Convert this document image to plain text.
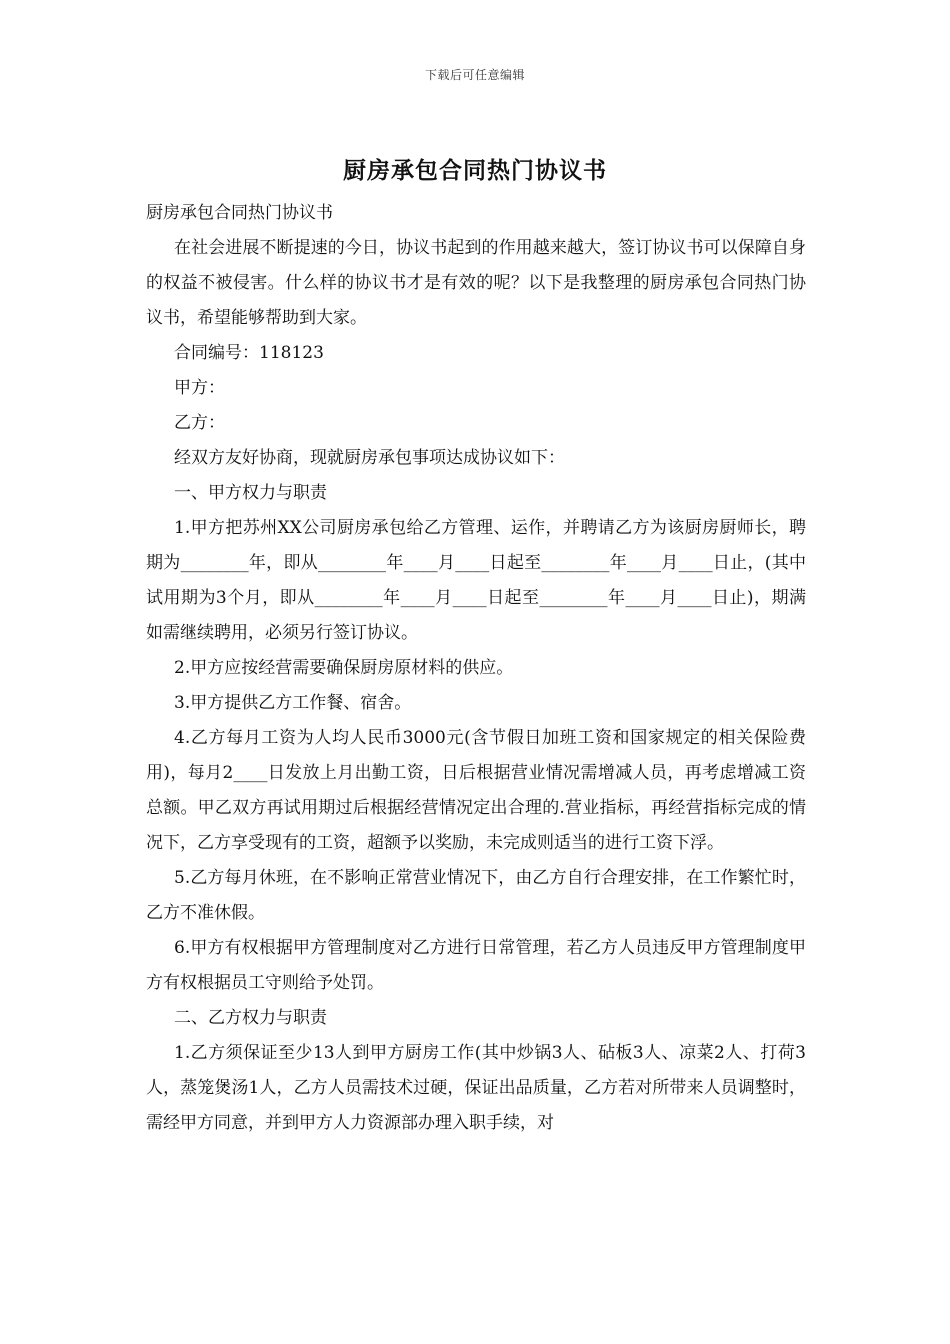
下载后可任意编辑
厨房承包合同热门协议书

厨房承包合同热门协议书

在社会进展不断提速的今日，协议书起到的作用越来越大，签订协议书可以保障自身的权益不被侵害。什么样的协议书才是有效的呢？以下是我整理的厨房承包合同热门协议书，希望能够帮助到大家。

合同编号：118123

甲方：

乙方：

经双方友好协商，现就厨房承包事项达成协议如下：

一、甲方权力与职责

1.甲方把苏州XX公司厨房承包给乙方管理、运作，并聘请乙方为该厨房厨师长，聘期为________年，即从________年____月____日起至________年____月____日止，(其中试用期为3个月，即从________年____月____日起至________年____月____日止)，期满如需继续聘用，必须另行签订协议。

2.甲方应按经营需要确保厨房原材料的供应。

3.甲方提供乙方工作餐、宿舍。

4.乙方每月工资为人均人民币3000元(含节假日加班工资和国家规定的相关保险费用)，每月2____日发放上月出勤工资，日后根据营业情况需增减人员，再考虑增减工资总额。甲乙双方再试用期过后根据经营情况定出合理的.营业指标，再经营指标完成的情况下，乙方享受现有的工资，超额予以奖励，未完成则适当的进行工资下浮。

5.乙方每月休班，在不影响正常营业情况下，由乙方自行合理安排，在工作繁忙时，乙方不准休假。

6.甲方有权根据甲方管理制度对乙方进行日常管理，若乙方人员违反甲方管理制度甲方有权根据员工守则给予处罚。

二、乙方权力与职责

1.乙方须保证至少13人到甲方厨房工作(其中炒锅3人、砧板3人、凉菜2人、打荷3人，蒸笼煲汤1人，乙方人员需技术过硬，保证出品质量，乙方若对所带来人员调整时，需经甲方同意，并到甲方人力资源部办理入职手续，对
